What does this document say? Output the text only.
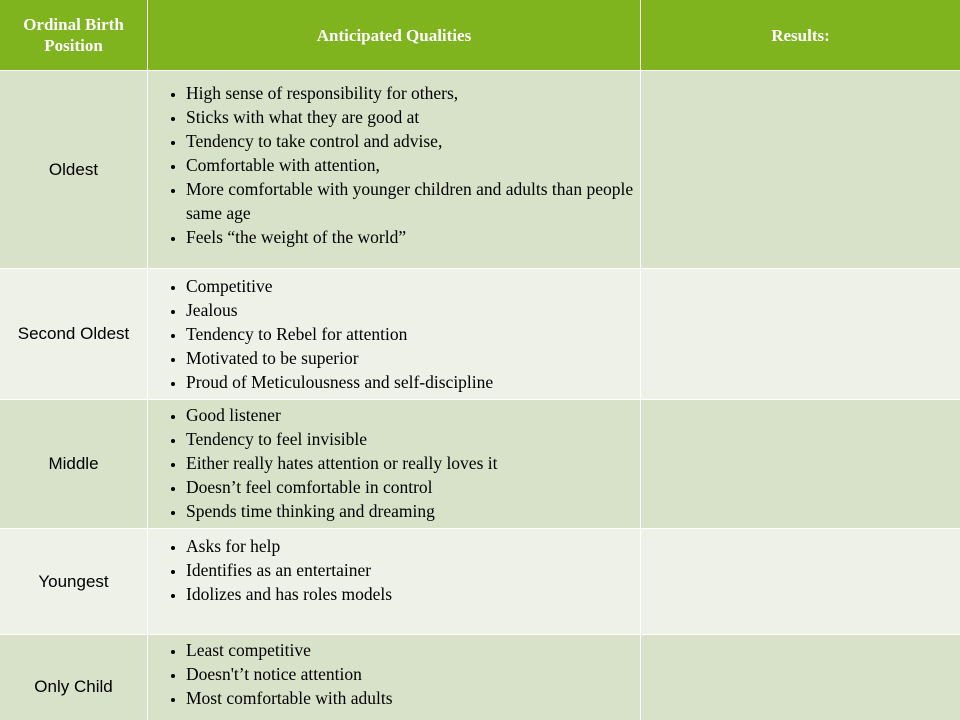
Ordinal Birth Position
Anticipated Qualities	Results:
Oldest
• High sense of responsibility for others,
• Sticks with what they are good at
• Tendency to take control and advise,
• Comfortable with attention,
• More comfortable with younger children and adults than people same age
• Feels “the weight of the world”
Second Oldest
• Competitive
• Jealous
• Tendency to Rebel for attention
• Motivated to be superior
• Proud of Meticulousness and self-discipline
Middle
• Good listener
• Tendency to feel invisible
• Either really hates attention or really loves it
• Doesn’t feel comfortable in control
• Spends time thinking and dreaming
Youngest
• Asks for help
• Identifies as an entertainer
• Idolizes and has roles models
Only Child
• Least competitive
• Doesn't’t notice attention
• Most comfortable with adults
